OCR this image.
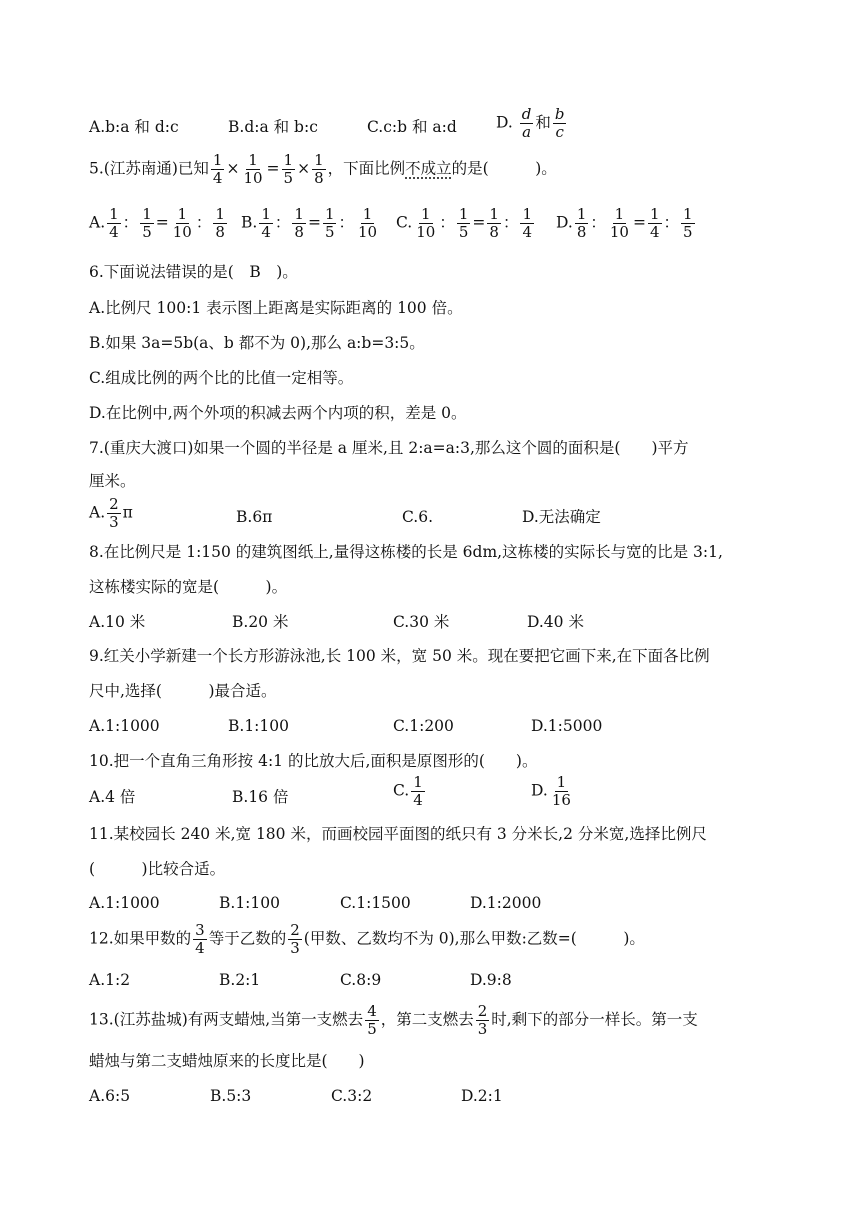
A.b:a 和 d:c	B.d:a 和 b:c	C.c:b 和 a:d	D. $\frac{d}{a}$ 和 $\frac{b}{c}$
5.(江苏南通)已知 $\frac{1}{4} \times \frac{1}{10} = \frac{1}{5} \times \frac{1}{8}$ ，下面比例不成立的是(　　　)。
A. $\frac{1}{4}$ ： $\frac{1}{5} = \frac{1}{10}$ ： $\frac{1}{8} B$. $\frac{1}{4}$ ： $\frac{1}{8} = \frac{1}{5}$ ： $\frac{1}{10} C$. $\frac{1}{10}$ ： $\frac{1}{5} = \frac{1}{8}$ ： $\frac{1}{4} D$. $\frac{1}{8}$ ： $\frac{1}{10} = \frac{1}{4}$ ： $\frac{1}{5}$
6.下面说法错误的是(　B　)。
A.比例尺 100:1 表示图上距离是实际距离的 100 倍。
B.如果 3a=5b(a、b 都不为 0),那么 a:b=3:5。
C.组成比例的两个比的比值一定相等。
D.在比例中,两个外项的积减去两个内项的积，差是 0。
7.(重庆大渡口)如果一个圆的半径是 a 厘米,且 2:a=a:3,那么这个圆的面积是(　　)平方
厘米。
A. $\frac{2}{3}$ π	B.6π	C.6.	D.无法确定
8.在比例尺是 1:150 的建筑图纸上,量得这栋楼的长是 6dm,这栋楼的实际长与宽的比是 3:1,
这栋楼实际的宽是(　　　)。
A.10 米	B.20 米	C.30 米	D.40 米
9.红关小学新建一个长方形游泳池,长 100 米，宽 50 米。现在要把它画下来,在下面各比例
尺中,选择(　　　)最合适。
A.1:1000	B.1:100	C.1:200	D.1:5000
10.把一个直角三角形按 4:1 的比放大后,面积是原图形的(　　)。
A.4 倍	B.16 倍	C. $\frac{1}{4}$	D. $\frac{1}{16}$
11.某校园长 240 米,宽 180 米，而画校园平面图的纸只有 3 分米长,2 分米宽,选择比例尺
(　　　)比较合适。
A.1:1000	B.1:100	C.1:1500	D.1:2000
12.如果甲数的 $\frac{3}{4}$ 等于乙数的 $\frac{2}{3}$ (甲数、乙数均不为 0),那么甲数:乙数=(　　　)。
A.1:2	B.2:1	C.8:9	D.9:8
13.(江苏盐城)有两支蜡烛,当第一支燃去 $\frac{4}{5}$ ，第二支燃去 $\frac{2}{3}$ 时,剩下的部分一样长。第一支
蜡烛与第二支蜡烛原来的长度比是(　　)
A.6:5	B.5:3	C.3:2	D.2:1
